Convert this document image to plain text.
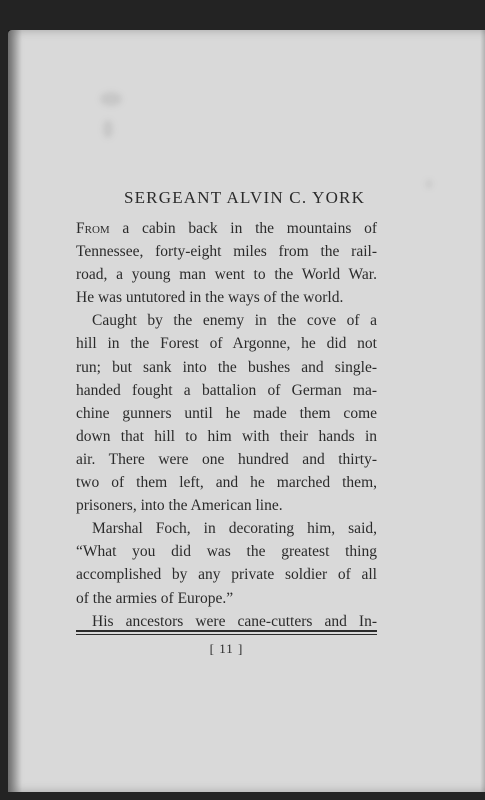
SERGEANT ALVIN C. YORK
From a cabin back in the mountains of
Tennessee, forty-eight miles from the rail-
road, a young man went to the World War.
He was untutored in the ways of the world.
Caught by the enemy in the cove of a
hill in the Forest of Argonne, he did not
run; but sank into the bushes and single-
handed fought a battalion of German ma-
chine gunners until he made them come
down that hill to him with their hands in
air. There were one hundred and thirty-
two of them left, and he marched them,
prisoners, into the American line.
Marshal Foch, in decorating him, said,
“What you did was the greatest thing
accomplished by any private soldier of all
of the armies of Europe.”
His ancestors were cane-cutters and In-
[ 11 ]
